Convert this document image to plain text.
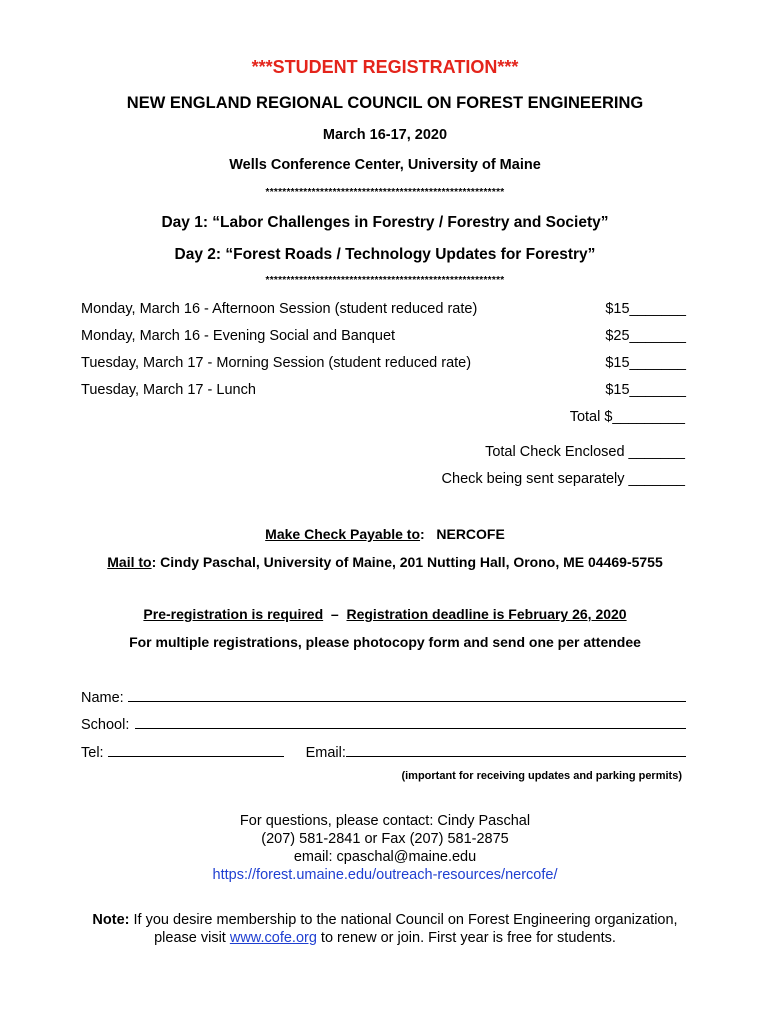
***STUDENT REGISTRATION***
NEW ENGLAND REGIONAL COUNCIL ON FOREST ENGINEERING
March 16-17, 2020
Wells Conference Center, University of Maine
*********************************************************
Day 1: “Labor Challenges in Forestry / Forestry and Society”
Day 2: “Forest Roads / Technology Updates for Forestry”
*********************************************************
Monday, March 16 - Afternoon Session (student reduced rate)	$15_______
Monday, March 16 - Evening Social and Banquet	$25_______
Tuesday, March 17 - Morning Session (student reduced rate)	$15_______
Tuesday, March 17 - Lunch	$15_______
Total $_________
Total Check Enclosed _______
Check being sent separately _______
Make Check Payable to:   NERCOFE
Mail to: Cindy Paschal, University of Maine, 201 Nutting Hall, Orono, ME 04469-5755
Pre-registration is required  –  Registration deadline is February 26, 2020
For multiple registrations, please photocopy form and send one per attendee
Name:
School:
Tel:	Email:
(important for receiving updates and parking permits)
For questions, please contact: Cindy Paschal
(207) 581-2841 or Fax (207) 581-2875
email: cpaschal@maine.edu
https://forest.umaine.edu/outreach-resources/nercofe/
Note: If you desire membership to the national Council on Forest Engineering organization,
please visit www.cofe.org to renew or join. First year is free for students.
